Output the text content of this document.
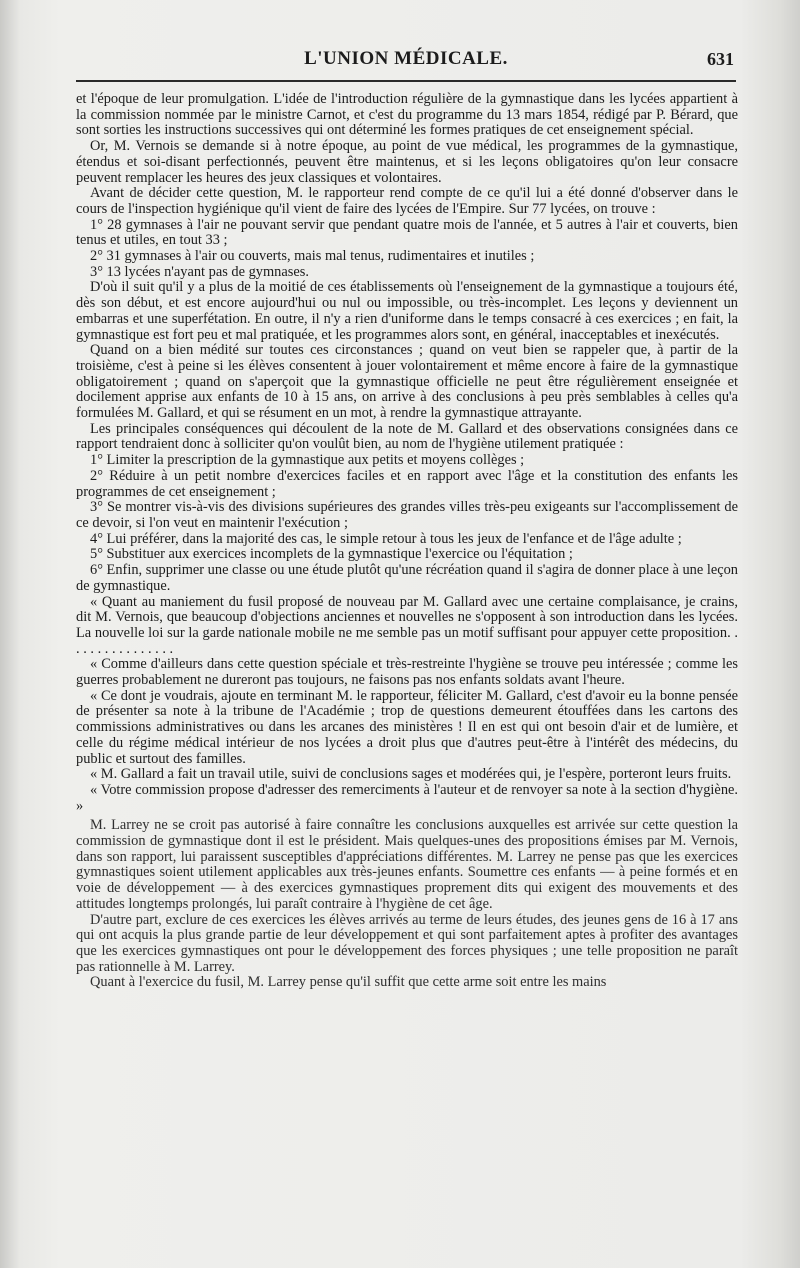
L'UNION MÉDICALE.	631

et l'époque de leur promulgation. L'idée de l'introduction régulière de la gymnastique dans les lycées appartient à la commission nommée par le ministre Carnot, et c'est du programme du 13 mars 1854, rédigé par P. Bérard, que sont sorties les instructions successives qui ont déterminé les formes pratiques de cet enseignement spécial.

Or, M. Vernois se demande si à notre époque, au point de vue médical, les programmes de la gymnastique, étendus et soi-disant perfectionnés, peuvent être maintenus, et si les leçons obligatoires qu'on leur consacre peuvent remplacer les heures des jeux classiques et volontaires.

Avant de décider cette question, M. le rapporteur rend compte de ce qu'il lui a été donné d'observer dans le cours de l'inspection hygiénique qu'il vient de faire des lycées de l'Empire. Sur 77 lycées, on trouve :

1° 28 gymnases à l'air ne pouvant servir que pendant quatre mois de l'année, et 5 autres à l'air et couverts, bien tenus et utiles, en tout 33 ;

2° 31 gymnases à l'air ou couverts, mais mal tenus, rudimentaires et inutiles ;

3° 13 lycées n'ayant pas de gymnases.

D'où il suit qu'il y a plus de la moitié de ces établissements où l'enseignement de la gymnastique a toujours été, dès son début, et est encore aujourd'hui ou nul ou impossible, ou très-incomplet. Les leçons y deviennent un embarras et une superfétation. En outre, il n'y a rien d'uniforme dans le temps consacré à ces exercices ; en fait, la gymnastique est fort peu et mal pratiquée, et les programmes alors sont, en général, inacceptables et inexécutés.

Quand on a bien médité sur toutes ces circonstances ; quand on veut bien se rappeler que, à partir de la troisième, c'est à peine si les élèves consentent à jouer volontairement et même encore à faire de la gymnastique obligatoirement ; quand on s'aperçoit que la gymnastique officielle ne peut être régulièrement enseignée et docilement apprise aux enfants de 10 à 15 ans, on arrive à des conclusions à peu près semblables à celles qu'a formulées M. Gallard, et qui se résument en un mot, à rendre la gymnastique attrayante.

Les principales conséquences qui découlent de la note de M. Gallard et des observations consignées dans ce rapport tendraient donc à solliciter qu'on voulût bien, au nom de l'hygiène utilement pratiquée :

1° Limiter la prescription de la gymnastique aux petits et moyens collèges ;

2° Réduire à un petit nombre d'exercices faciles et en rapport avec l'âge et la constitution des enfants les programmes de cet enseignement ;

3° Se montrer vis-à-vis des divisions supérieures des grandes villes très-peu exigeants sur l'accomplissement de ce devoir, si l'on veut en maintenir l'exécution ;

4° Lui préférer, dans la majorité des cas, le simple retour à tous les jeux de l'enfance et de l'âge adulte ;

5° Substituer aux exercices incomplets de la gymnastique l'exercice ou l'équitation ;

6° Enfin, supprimer une classe ou une étude plutôt qu'une récréation quand il s'agira de donner place à une leçon de gymnastique.

« Quant au maniement du fusil proposé de nouveau par M. Gallard avec une certaine complaisance, je crains, dit M. Vernois, que beaucoup d'objections anciennes et nouvelles ne s'opposent à son introduction dans les lycées. La nouvelle loi sur la garde nationale mobile ne me semble pas un motif suffisant pour appuyer cette proposition. . . . . . . . . . . . . . . .

« Comme d'ailleurs dans cette question spéciale et très-restreinte l'hygiène se trouve peu intéressée ; comme les guerres probablement ne dureront pas toujours, ne faisons pas nos enfants soldats avant l'heure.

« Ce dont je voudrais, ajoute en terminant M. le rapporteur, féliciter M. Gallard, c'est d'avoir eu la bonne pensée de présenter sa note à la tribune de l'Académie ; trop de questions demeurent étouffées dans les cartons des commissions administratives ou dans les arcanes des ministères ! Il en est qui ont besoin d'air et de lumière, et celle du régime médical intérieur de nos lycées a droit plus que d'autres peut-être à l'intérêt des médecins, du public et surtout des familles.

« M. Gallard a fait un travail utile, suivi de conclusions sages et modérées qui, je l'espère, porteront leurs fruits.

« Votre commission propose d'adresser des remerciments à l'auteur et de renvoyer sa note à la section d'hygiène. »

M. Larrey ne se croit pas autorisé à faire connaître les conclusions auxquelles est arrivée sur cette question la commission de gymnastique dont il est le président. Mais quelques-unes des propositions émises par M. Vernois, dans son rapport, lui paraissent susceptibles d'appréciations différentes. M. Larrey ne pense pas que les exercices gymnastiques soient utilement applicables aux très-jeunes enfants. Soumettre ces enfants — à peine formés et en voie de développement — à des exercices gymnastiques proprement dits qui exigent des mouvements et des attitudes longtemps prolongés, lui paraît contraire à l'hygiène de cet âge.

D'autre part, exclure de ces exercices les élèves arrivés au terme de leurs études, des jeunes gens de 16 à 17 ans qui ont acquis la plus grande partie de leur développement et qui sont parfaitement aptes à profiter des avantages que les exercices gymnastiques ont pour le développement des forces physiques ; une telle proposition ne paraît pas rationnelle à M. Larrey.

Quant à l'exercice du fusil, M. Larrey pense qu'il suffit que cette arme soit entre les mains
